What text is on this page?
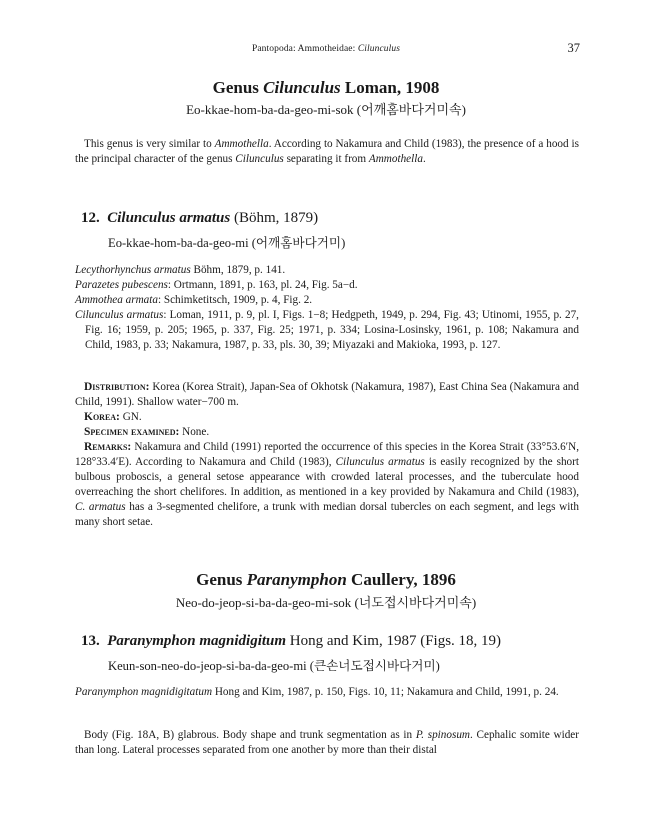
Pantopoda: Ammotheidae: Cilunculus	37
Genus Cilunculus Loman, 1908
Eo-kkae-hom-ba-da-geo-mi-sok (어깨홈바다거미속)
This genus is very similar to Ammothella. According to Nakamura and Child (1983), the presence of a hood is the principal character of the genus Cilunculus separating it from Ammothella.
12. Cilunculus armatus (Böhm, 1879)
Eo-kkae-hom-ba-da-geo-mi (어깨홈바다거미)

Lecythorhynchus armatus Böhm, 1879, p. 141.

Parazetes pubescens: Ortmann, 1891, p. 163, pl. 24, Fig. 5a−d.

Ammothea armata: Schimketitsch, 1909, p. 4, Fig. 2.

Cilunculus armatus: Loman, 1911, p. 9, pl. I, Figs. 1−8; Hedgpeth, 1949, p. 294, Fig. 43; Utinomi, 1955, p. 27, Fig. 16; 1959, p. 205; 1965, p. 337, Fig. 25; 1971, p. 334; Losina-Losinsky, 1961, p. 108; Nakamura and Child, 1983, p. 33; Nakamura, 1987, p. 33, pls. 30, 39; Miyazaki and Makioka, 1993, p. 127.

Distribution: Korea (Korea Strait), Japan-Sea of Okhotsk (Nakamura, 1987), East China Sea (Nakamura and Child, 1991). Shallow water−700 m.

Korea: GN.

Specimen examined: None.

Remarks: Nakamura and Child (1991) reported the occurrence of this species in the Korea Strait (33°53.6′N, 128°33.4′E). According to Nakamura and Child (1983), Cilunculus armatus is easily recognized by the short bulbous proboscis, a general setose appearance with crowded lateral processes, and the tuberculate hood overreaching the short chelifores. In addition, as mentioned in a key provided by Nakamura and Child (1983), C. armatus has a 3-segmented chelifore, a trunk with median dorsal tubercles on each segment, and legs with many short setae.

Genus Paranymphon Caullery, 1896
Neo-do-jeop-si-ba-da-geo-mi-sok (너도접시바다거미속)
13. Paranymphon magnidigitum Hong and Kim, 1987 (Figs. 18, 19)
Keun-son-neo-do-jeop-si-ba-da-geo-mi (큰손너도접시바다거미)

Paranymphon magnidigitatum Hong and Kim, 1987, p. 150, Figs. 10, 11; Nakamura and Child, 1991, p. 24.

Body (Fig. 18A, B) glabrous. Body shape and trunk segmentation as in P. spinosum. Cephalic somite wider than long. Lateral processes separated from one another by more than their distal
